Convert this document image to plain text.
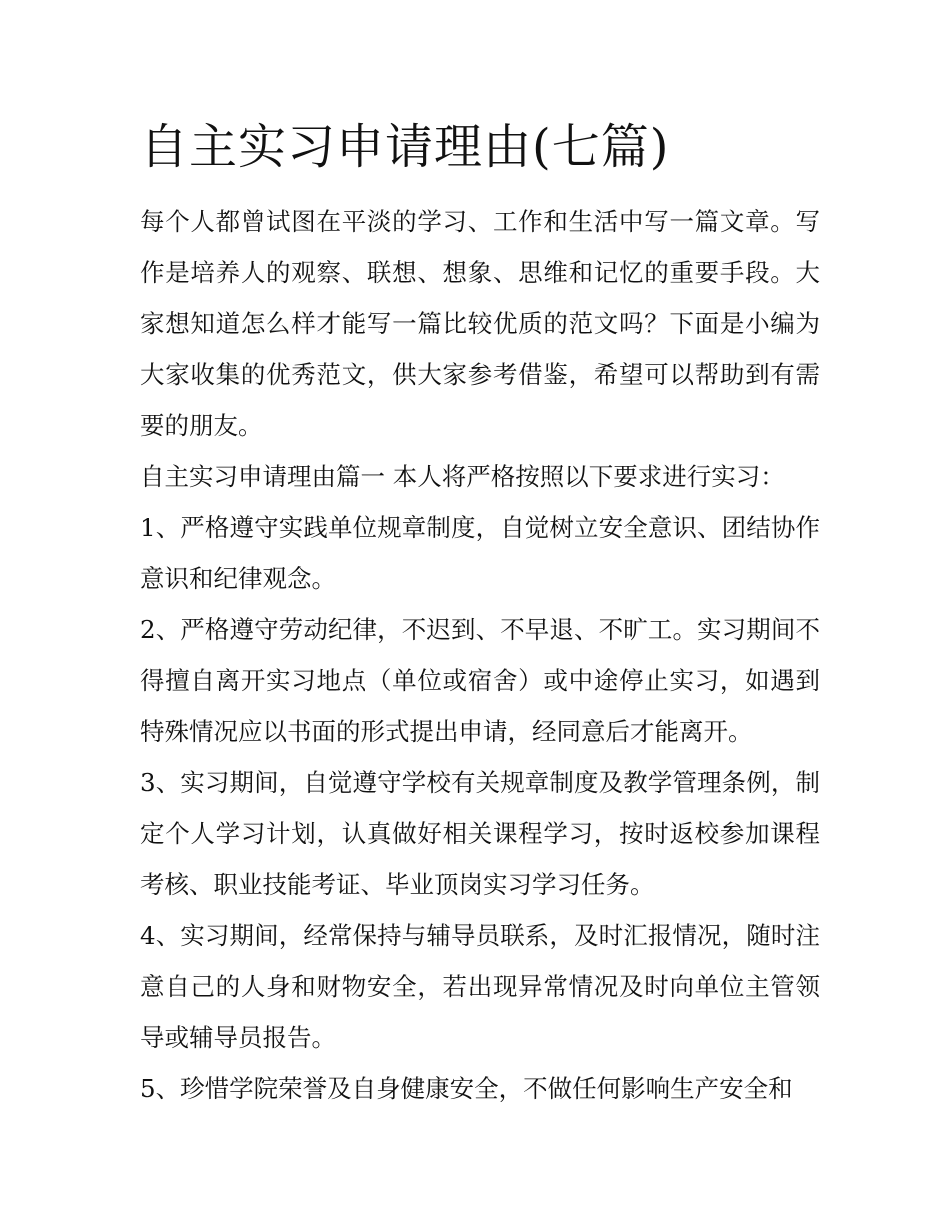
自主实习申请理由(七篇)

每个人都曾试图在平淡的学习、工作和生活中写一篇文章。写作是培养人的观察、联想、想象、思维和记忆的重要手段。大家想知道怎么样才能写一篇比较优质的范文吗？下面是小编为大家收集的优秀范文，供大家参考借鉴，希望可以帮助到有需要的朋友。

自主实习申请理由篇一 本人将严格按照以下要求进行实习：

1、严格遵守实践单位规章制度，自觉树立安全意识、团结协作意识和纪律观念。

2、严格遵守劳动纪律，不迟到、不早退、不旷工。实习期间不得擅自离开实习地点（单位或宿舍）或中途停止实习，如遇到特殊情况应以书面的形式提出申请，经同意后才能离开。

3、实习期间，自觉遵守学校有关规章制度及教学管理条例，制定个人学习计划，认真做好相关课程学习，按时返校参加课程考核、职业技能考证、毕业顶岗实习学习任务。

4、实习期间，经常保持与辅导员联系，及时汇报情况，随时注意自己的人身和财物安全，若出现异常情况及时向单位主管领导或辅导员报告。

5、珍惜学院荣誉及自身健康安全，不做任何影响生产安全和
